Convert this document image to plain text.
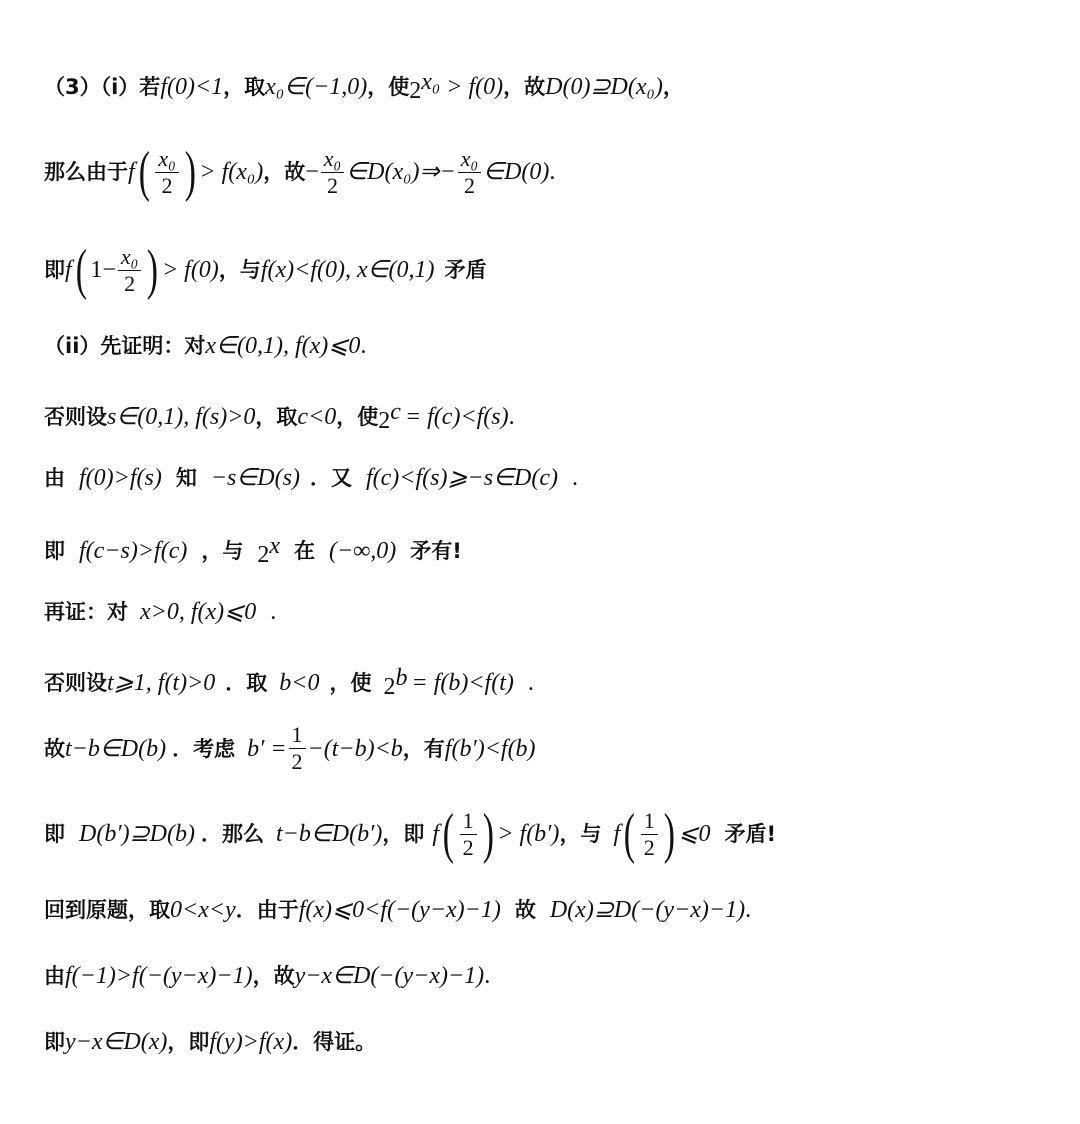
（3）（i）若 f(0)<1 ，取 x₀∈(−1,0) ，使 $2^{x_0} > f(0)$ ，故 D(0)⊇D(x₀) ，
那么由于 f ( $\frac{\text{x₀}}{2}$ ) > f(x₀) ，故 − $\frac{\text{x₀}}{2}$ ∈D(x₀)⇒− $\frac{\text{x₀}}{2}$ ∈D(0) .
即 f ( $1- \frac{\text{x₀}}{2}$ ) > f(0) ，与 f(x)<f(0), x∈(0,1) 矛盾
（ii）先证明：对 x∈(0,1), f(x)⩽0 .
否则设 s∈(0,1), f(s)>0 ，取 c<0 ，使 $2^c = f(c)<f(s)$ .
由 f(0)>f(s) 知 −s∈D(s) ．又 f(c)<f(s)⩾−s∈D(c) .
即 f(c−s)>f(c) ，与 2$^x$ 在 (−∞,0) 矛有!
再证：对 x>0, f(x)⩽0 .
否则设 t⩾1, f(t)>0 ．取 b<0 ，使 $2^b = f(b)<f(t)$ .
故 t−b∈D(b) ．考虑 $b' = \frac{1}{2} -(t-b)<b$ ，有 f(b′)<f(b)
即 D(b′)⊇D(b) ．那么 t−b∈D(b′) ，即 f ( $\frac{1}{2}$ ) > f(b′) ，与 f ( $\frac{1}{2}$ ) ⩽0 矛盾!
回到原题，取 0<x<y ．由于 f(x)⩽0<f(−(y−x)−1) 故 D(x)⊇D(−(y−x)−1) .
由 f(−1)>f(−(y−x)−1) ，故 y−x∈D(−(y−x)−1) .
即 y−x∈D(x) ，即 f(y)>f(x) ．得证。
